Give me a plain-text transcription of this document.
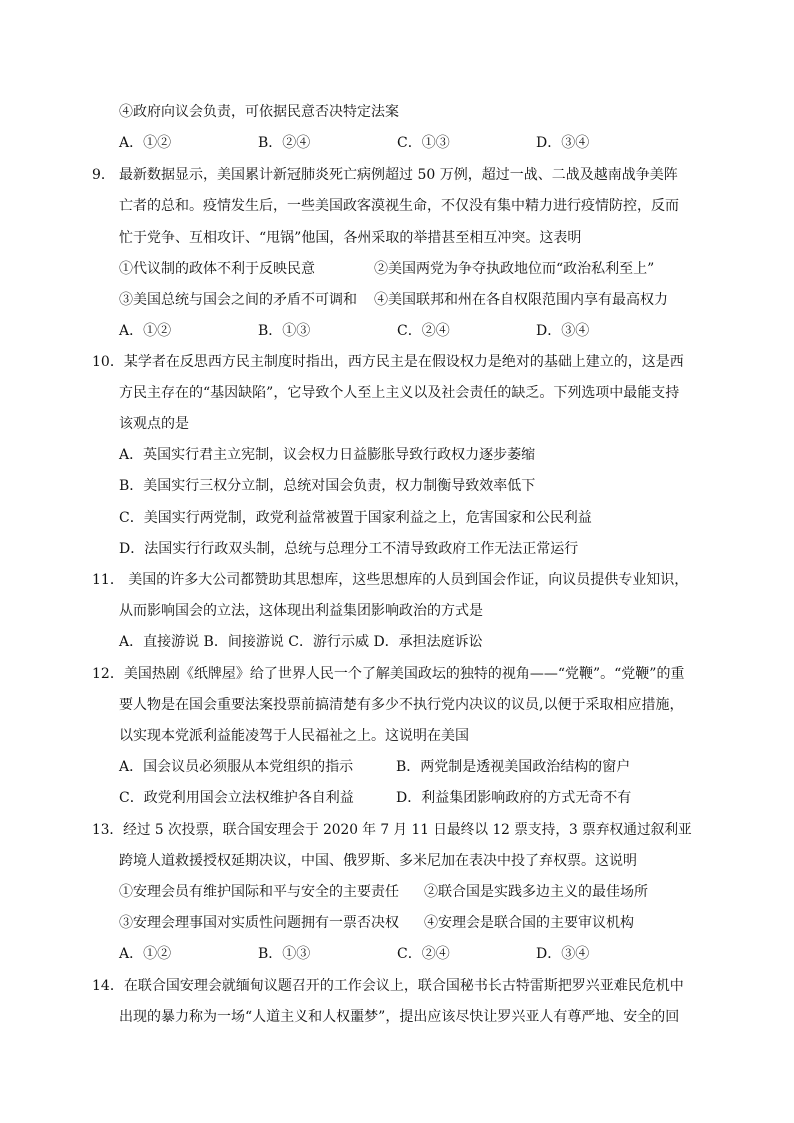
④政府向议会负责，可依据民意否决特定法案
A．①②	B．②④	C．①③	D．③④
9． 最新数据显示，美国累计新冠肺炎死亡病例超过 50 万例，超过一战、二战及越南战争美阵
亡者的总和。疫情发生后，一些美国政客漠视生命，不仅没有集中精力进行疫情防控，反而
忙于党争、互相攻讦、“甩锅”他国，各州采取的举措甚至相互冲突。这表明
①代议制的政体不利于反映民意	②美国两党为争夺执政地位而“政治私利至上”
③美国总统与国会之间的矛盾不可调和 ④美国联邦和州在各自权限范围内享有最高权力
A．①②	B．①③	C．②④	D．③④
10．某学者在反思西方民主制度时指出，西方民主是在假设权力是绝对的基础上建立的，这是西
方民主存在的“基因缺陷”，它导致个人至上主义以及社会责任的缺乏。下列选项中最能支持
该观点的是
A．英国实行君主立宪制，议会权力日益膨胀导致行政权力逐步萎缩
B．美国实行三权分立制，总统对国会负责，权力制衡导致效率低下
C．美国实行两党制，政党利益常被置于国家利益之上，危害国家和公民利益
D．法国实行行政双头制，总统与总理分工不清导致政府工作无法正常运行
11． 美国的许多大公司都赞助其思想库，这些思想库的人员到国会作证，向议员提供专业知识，
从而影响国会的立法，这体现出利益集团影响政治的方式是
A．直接游说 B．间接游说 C．游行示威 D．承担法庭诉讼
12．美国热剧《纸牌屋》给了世界人民一个了解美国政坛的独特的视角——“党鞭”。“党鞭”的重
要人物是在国会重要法案投票前搞清楚有多少不执行党内决议的议员,以便于采取相应措施，
以实现本党派利益能凌驾于人民福祉之上。这说明在美国
A．国会议员必须服从本党组织的指示	B．两党制是透视美国政治结构的窗户
C．政党利用国会立法权维护各自利益	D．利益集团影响政府的方式无奇不有
13．经过 5 次投票，联合国安理会于 2020 年 7 月 11 日最终以 12 票支持，3 票弃权通过叙利亚
跨境人道救援授权延期决议，中国、俄罗斯、多米尼加在表决中投了弃权票。这说明
①安理会员有维护国际和平与安全的主要责任 ②联合国是实践多边主义的最佳场所
③安理会理事国对实质性问题拥有一票否决权 ④安理会是联合国的主要审议机构
A．①②	B．①③	C．②④	D．③④
14．在联合国安理会就缅甸议题召开的工作会议上，联合国秘书长古特雷斯把罗兴亚难民危机中
出现的暴力称为一场“人道主义和人权噩梦”，提出应该尽快让罗兴亚人有尊严地、安全的回
